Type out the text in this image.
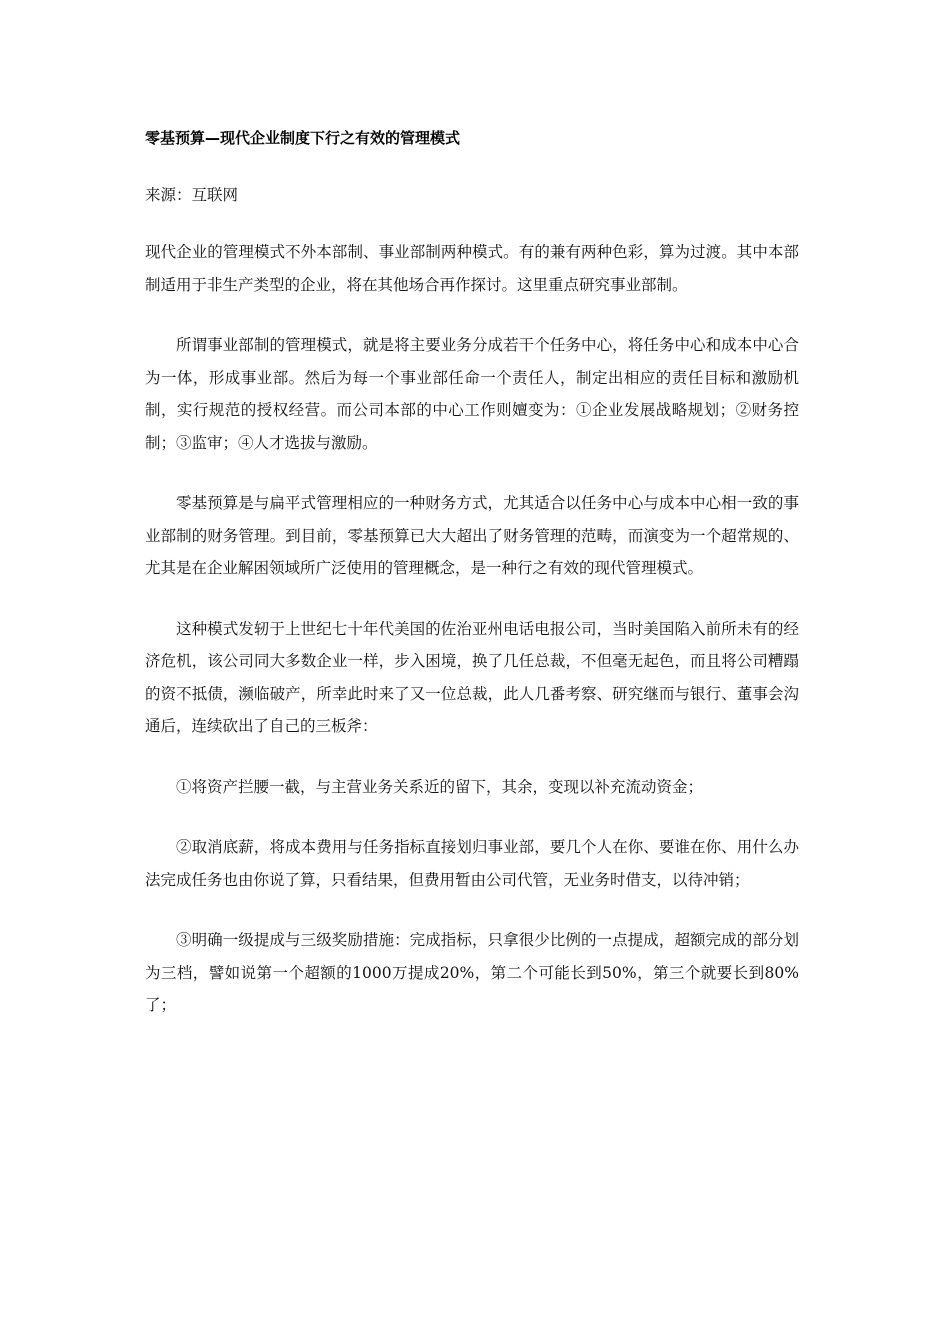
零基预算—现代企业制度下行之有效的管理模式
来源：互联网

现代企业的管理模式不外本部制、事业部制两种模式。有的兼有两种色彩，算为过渡。其中本部制适用于非生产类型的企业，将在其他场合再作探讨。这里重点研究事业部制。

所谓事业部制的管理模式，就是将主要业务分成若干个任务中心，将任务中心和成本中心合为一体，形成事业部。然后为每一个事业部任命一个责任人，制定出相应的责任目标和激励机制，实行规范的授权经营。而公司本部的中心工作则嬗变为：①企业发展战略规划；②财务控制；③监审；④人才选拔与激励。

零基预算是与扁平式管理相应的一种财务方式，尤其适合以任务中心与成本中心相一致的事业部制的财务管理。到目前，零基预算已大大超出了财务管理的范畴，而演变为一个超常规的、尤其是在企业解困领域所广泛使用的管理概念，是一种行之有效的现代管理模式。

这种模式发轫于上世纪七十年代美国的佐治亚州电话电报公司，当时美国陷入前所未有的经济危机，该公司同大多数企业一样，步入困境，换了几任总裁，不但毫无起色，而且将公司糟蹋的资不抵债，濒临破产，所幸此时来了又一位总裁，此人几番考察、研究继而与银行、董事会沟通后，连续砍出了自己的三板斧：

①将资产拦腰一截，与主营业务关系近的留下，其余，变现以补充流动资金；

②取消底薪，将成本费用与任务指标直接划归事业部，要几个人在你、要谁在你、用什么办法完成任务也由你说了算，只看结果，但费用暂由公司代管，无业务时借支，以待冲销；

③明确一级提成与三级奖励措施：完成指标，只拿很少比例的一点提成，超额完成的部分划为三档，譬如说第一个超额的1000万提成20%，第二个可能长到50%，第三个就要长到80%了；
